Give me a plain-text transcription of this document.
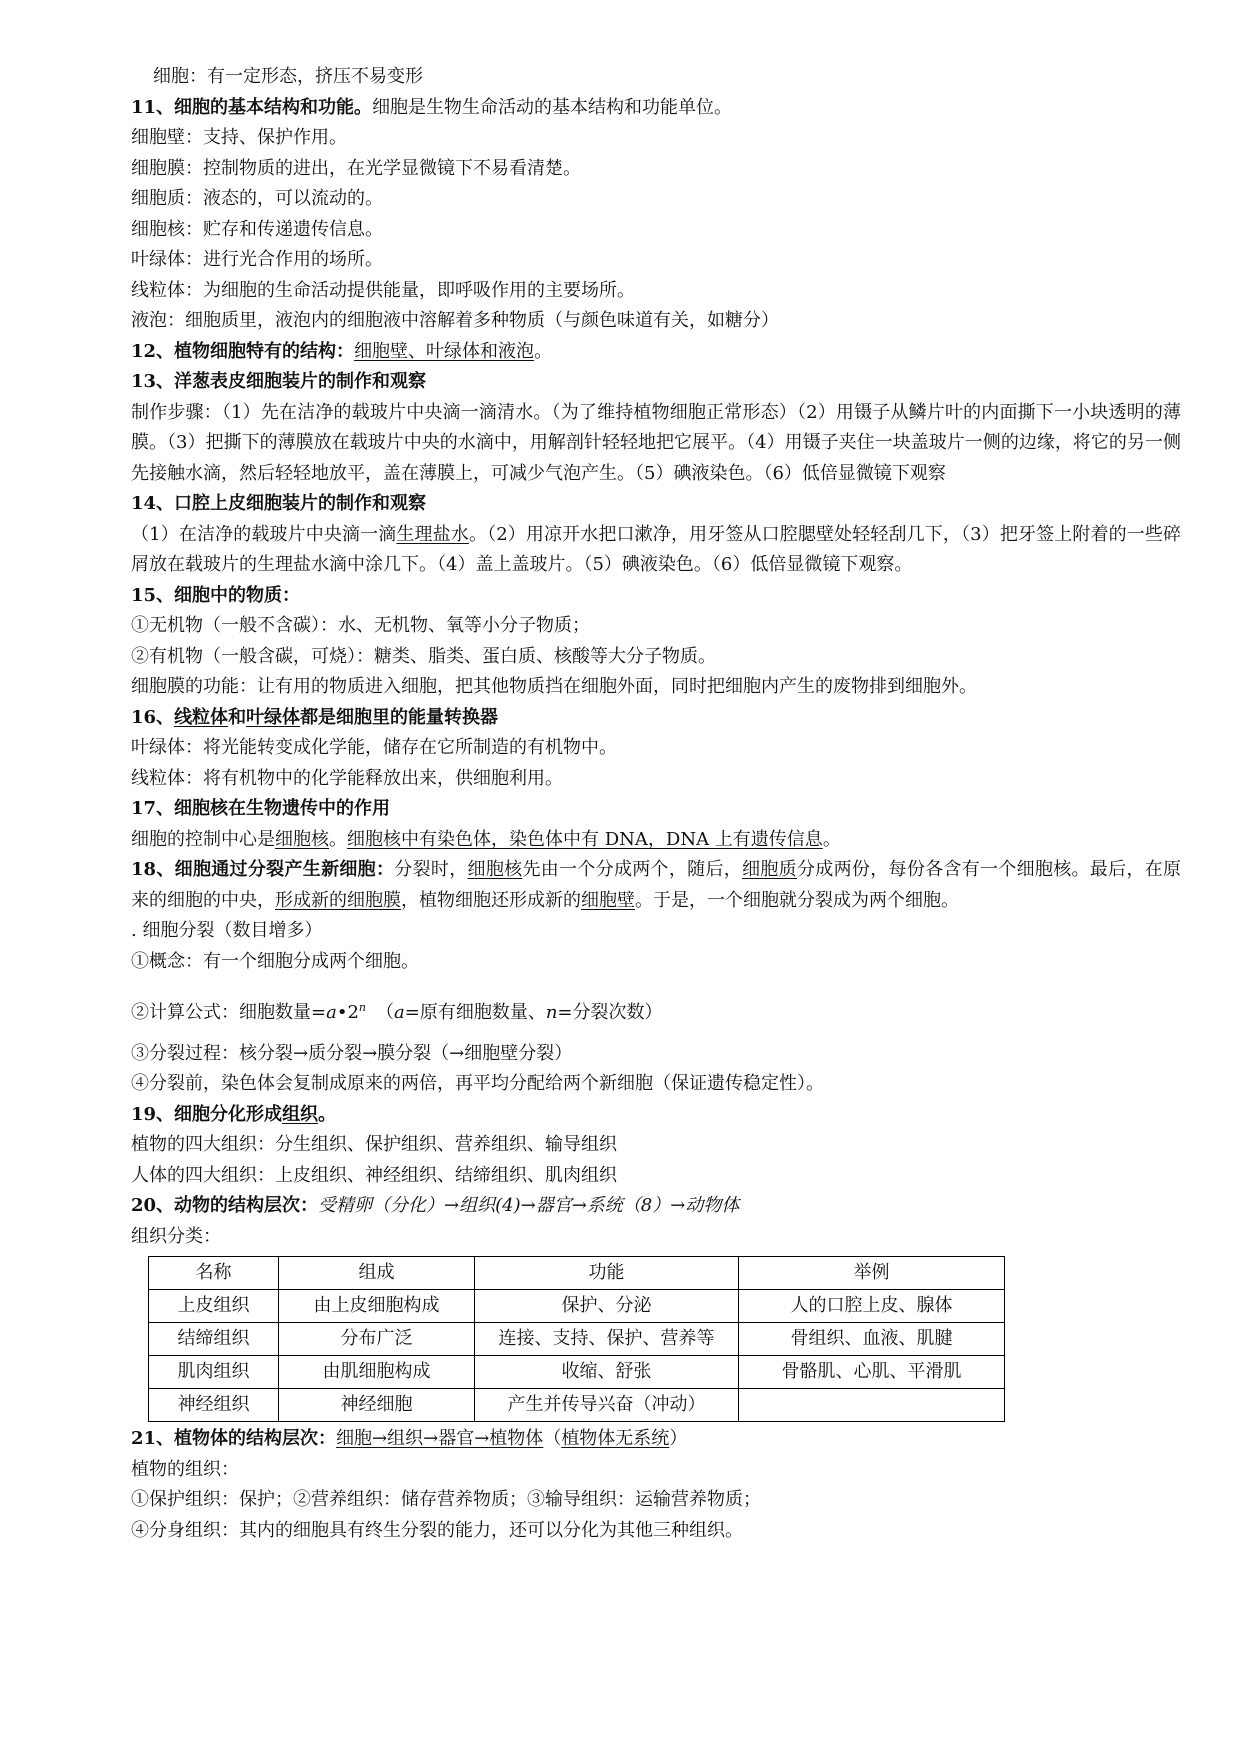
细胞：有一定形态，挤压不易变形
11、细胞的基本结构和功能。细胞是生物生命活动的基本结构和功能单位。
细胞壁：支持、保护作用。
细胞膜：控制物质的进出，在光学显微镜下不易看清楚。
细胞质：液态的，可以流动的。
细胞核：贮存和传递遗传信息。
叶绿体：进行光合作用的场所。
线粒体：为细胞的生命活动提供能量，即呼吸作用的主要场所。
液泡：细胞质里，液泡内的细胞液中溶解着多种物质（与颜色味道有关，如糖分）
12、植物细胞特有的结构：细胞壁、叶绿体和液泡。
13、洋葱表皮细胞装片的制作和观察
制作步骤：（1）先在洁净的载玻片中央滴一滴清水。（为了维持植物细胞正常形态）（2）用镊子从鳞片叶的内面撕下一小块透明的薄膜。（3）把撕下的薄膜放在载玻片中央的水滴中，用解剖针轻轻地把它展平。（4）用镊子夹住一块盖玻片一侧的边缘，将它的另一侧先接触水滴，然后轻轻地放平，盖在薄膜上，可减少气泡产生。（5）碘液染色。（6）低倍显微镜下观察
14、口腔上皮细胞装片的制作和观察
（1）在洁净的载玻片中央滴一滴生理盐水。（2）用凉开水把口漱净，用牙签从口腔腮壁处轻轻刮几下，（3）把牙签上附着的一些碎屑放在载玻片的生理盐水滴中涂几下。（4）盖上盖玻片。（5）碘液染色。（6）低倍显微镜下观察。
15、细胞中的物质：
①无机物（一般不含碳）：水、无机物、氧等小分子物质；
②有机物（一般含碳，可烧）：糖类、脂类、蛋白质、核酸等大分子物质。
细胞膜的功能：让有用的物质进入细胞，把其他物质挡在细胞外面，同时把细胞内产生的废物排到细胞外。
16、线粒体和叶绿体都是细胞里的能量转换器
叶绿体：将光能转变成化学能，储存在它所制造的有机物中。
线粒体：将有机物中的化学能释放出来，供细胞利用。
17、细胞核在生物遗传中的作用
细胞的控制中心是细胞核。细胞核中有染色体，染色体中有 DNA，DNA 上有遗传信息。
18、细胞通过分裂产生新细胞：分裂时，细胞核先由一个分成两个，随后，细胞质分成两份，每份各含有一个细胞核。最后，在原来的细胞的中央，形成新的细胞膜，植物细胞还形成新的细胞壁。于是，一个细胞就分裂成为两个细胞。
. 细胞分裂（数目增多）
①概念：有一个细胞分成两个细胞。
②计算公式：细胞数量$=a•2^n$ （a=原有细胞数量、n=分裂次数）
③分裂过程：核分裂→质分裂→膜分裂（→细胞壁分裂）
④分裂前，染色体会复制成原来的两倍，再平均分配给两个新细胞（保证遗传稳定性）。
19、细胞分化形成组织。
植物的四大组织：分生组织、保护组织、营养组织、输导组织
人体的四大组织：上皮组织、神经组织、结缔组织、肌肉组织
20、动物的结构层次：受精卵（分化）→组织(4)→器官→系统（8）→动物体
组织分类：
名称	组成	功能	举例
上皮组织	由上皮细胞构成	保护、分泌	人的口腔上皮、腺体
结缔组织	分布广泛	连接、支持、保护、营养等	骨组织、血液、肌腱
肌肉组织	由肌细胞构成	收缩、舒张	骨骼肌、心肌、平滑肌
神经组织	神经细胞	产生并传导兴奋（冲动）	
21、植物体的结构层次：细胞→组织→器官→植物体（植物体无系统）
植物的组织：
①保护组织：保护；②营养组织：储存营养物质；③输导组织：运输营养物质；
④分身组织：其内的细胞具有终生分裂的能力，还可以分化为其他三种组织。
